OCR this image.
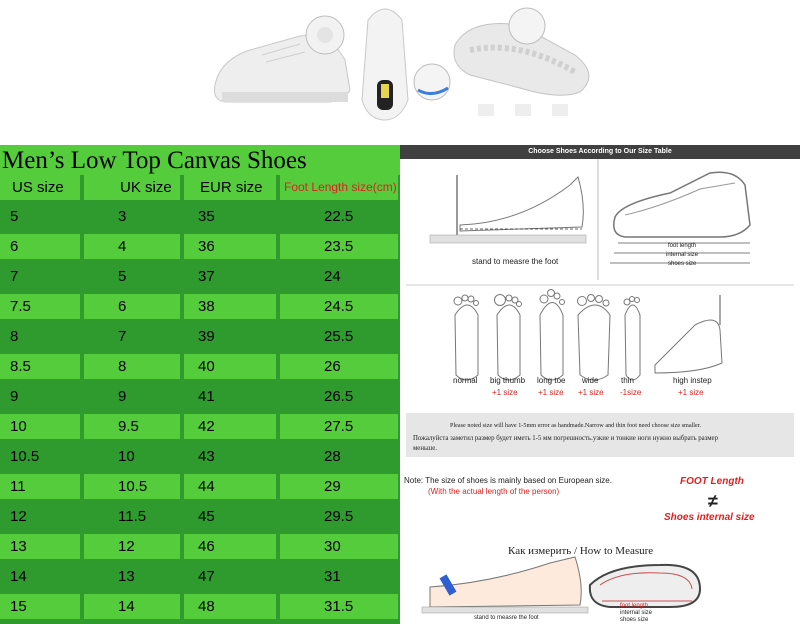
Men’s Low Top Canvas Shoes
US size	UK size	EUR size	Foot Length size(cm)
5	3	35	22.5
6	4	36	23.5
7	5	37	24
7.5	6	38	24.5
8	7	39	25.5
8.5	8	40	26
9	9	41	26.5
10	9.5	42	27.5
10.5	10	43	28
11	10.5	44	29
12	11.5	45	29.5
13	12	46	30
14	13	47	31
15	14	48	31.5
Choose Shoes According to Our Size Table
stand to measre the foot
foot length
internal size
shoes size
normal big thumb
+1 size
long toe
+1 size
wide
+1 size
thin
-1size
high instep
+1 size
Please noted size will have 1-5mm error as handmade.Narrow and thin foot need choose size smaller.
Пожалуйста заметил размер будет иметь 1-5 мм погрешность.узкие и тонкие ноги нужно выбрать размер
меньше.
Note: The size of shoes is mainly based on European size.
(With the actual length of the person)
FOOT Length
≠
Shoes internal size
Как измерить / How to Measure
stand to measre the foot
foot length
internal size
shoes size
